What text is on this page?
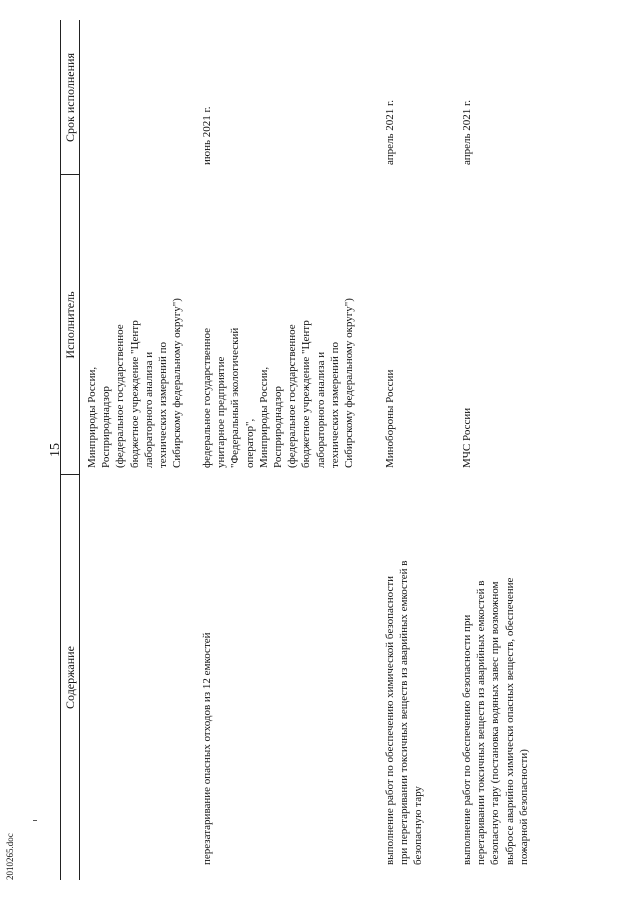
15
Содержание
Исполнитель
Срок исполнения
Минприроды России,
Росприроднадзор
(федеральное государственное
бюджетное учреждение "Центр
лабораторного анализа и
технических измерений по
Сибирскому федеральному округу")
перезатаривание опасных отходов из 12 емкостей
федеральное государственное
унитарное предприятие
"Федеральный экологический
оператор",
Минприроды России,
Росприроднадзор
(федеральное государственное
бюджетное учреждение "Центр
лабораторного анализа и
технических измерений по
Сибирскому федеральному округу")
июнь 2021 г.
выполнение работ по обеспечению химической безопасности
при перетаривании токсичных веществ из аварийных емкостей в
безопасную тару
Минобороны России
апрель 2021 г.
выполнение работ по обеспечению безопасности при
перетаривании токсичных веществ из аварийных емкостей в
безопасную тару (постановка водяных завес при возможном
выбросе аварийно химически опасных веществ, обеспечение
пожарной безопасности)
МЧС России
апрель 2021 г.
2010265.doc
